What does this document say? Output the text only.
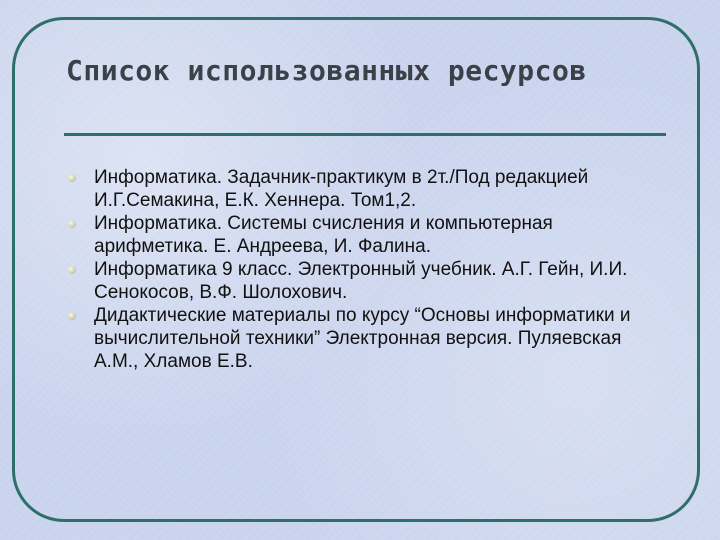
Список использованных ресурсов
Информатика. Задачник-практикум в 2т./Под редакцией И.Г.Семакина, Е.К. Хеннера. Том1,2.
Информатика. Системы счисления и компьютерная арифметика. Е. Андреева, И. Фалина.
Информатика 9 класс. Электронный учебник. А.Г. Гейн, И.И. Сенокосов, В.Ф. Шолохович.
Дидактические материалы по курсу “Основы информатики и вычислительной техники” Электронная версия. Пуляевская А.М., Хламов Е.В.
